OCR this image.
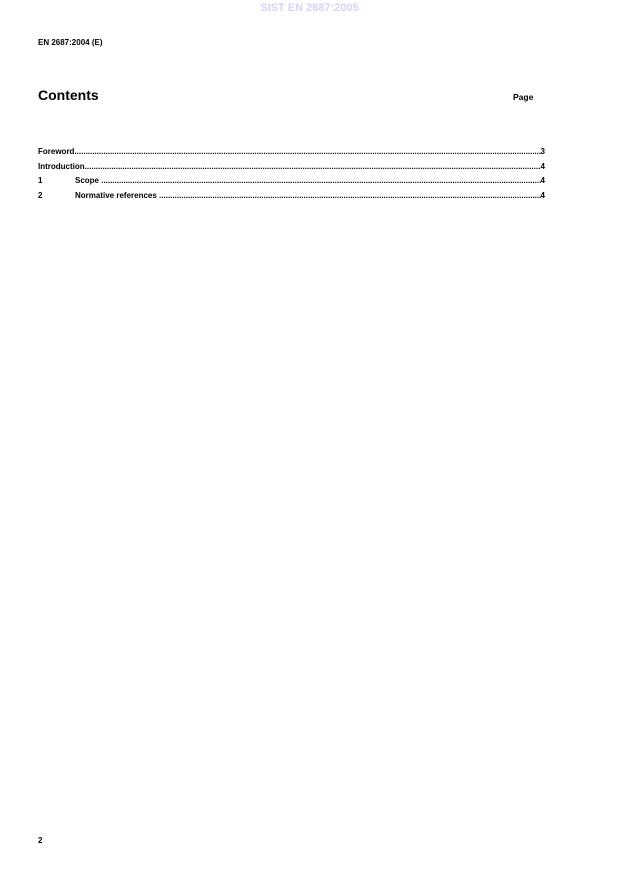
SIST EN 2687:2005
EN 2687:2004 (E)
Contents	Page
Foreword .....	3
Introduction .....	4
1	Scope .....	4
2	Normative references .....	4
2
